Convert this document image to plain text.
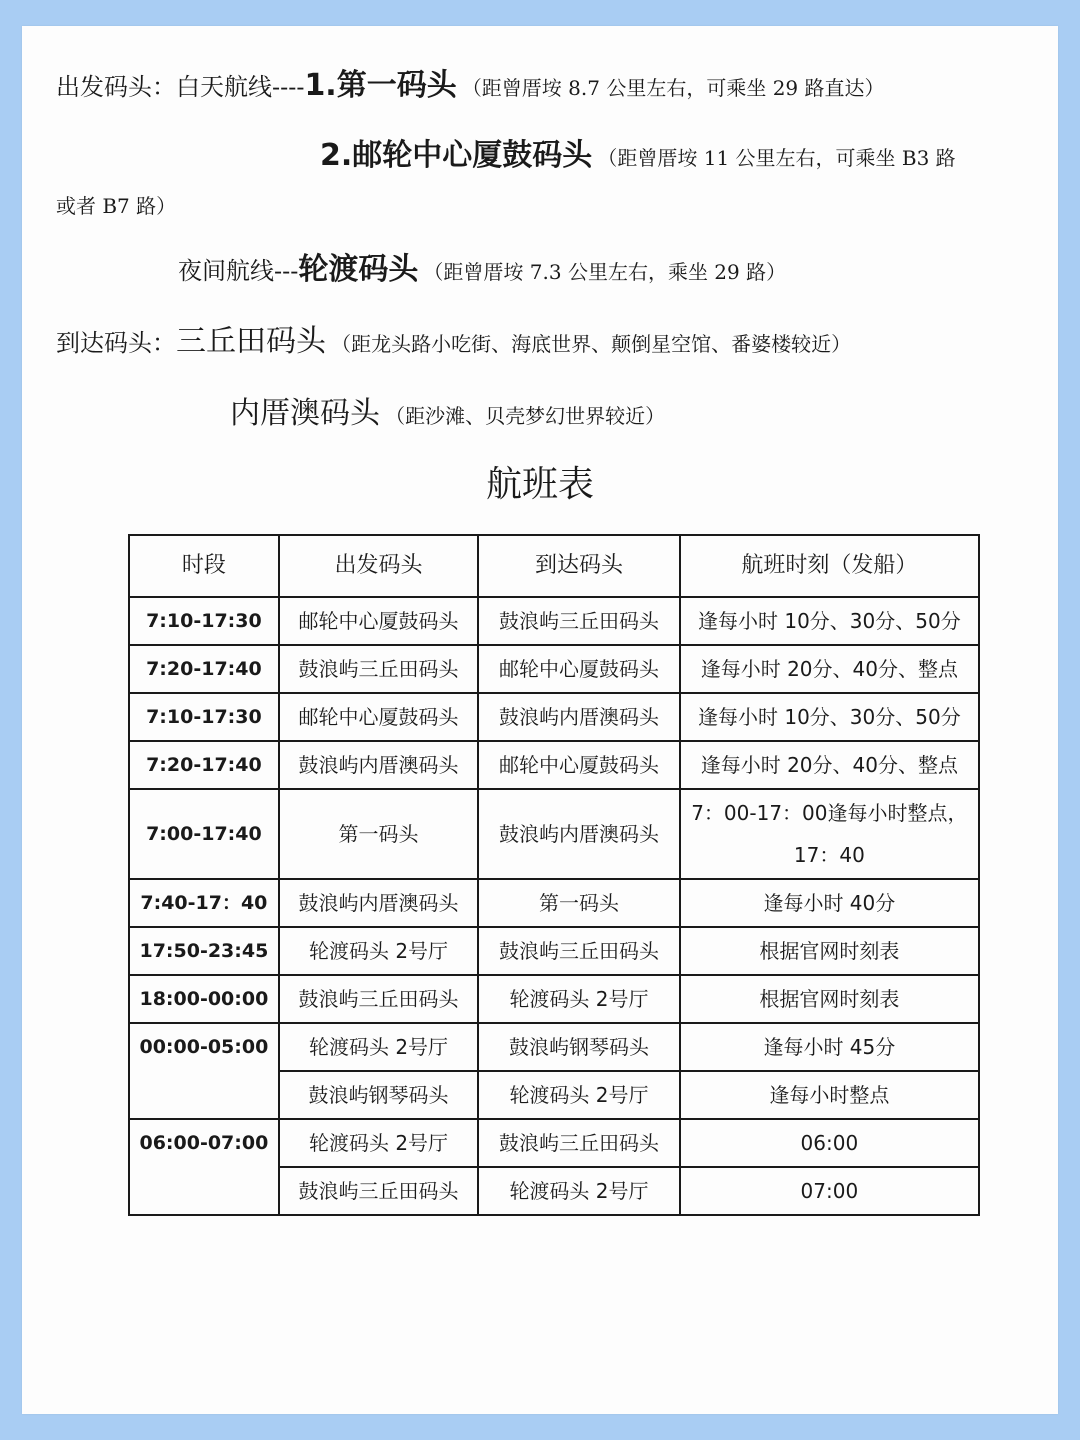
出发码头：白天航线----1.第一码头 （距曾厝垵 8.7 公里左右，可乘坐 29 路直达）
2.邮轮中心厦鼓码头 （距曾厝垵 11 公里左右，可乘坐 B3 路
或者 B7 路）
夜间航线---轮渡码头 （距曾厝垵 7.3 公里左右，乘坐 29 路）
到达码头：三丘田码头 （距龙头路小吃街、海底世界、颠倒星空馆、番婆楼较近）
内厝澳码头 （距沙滩、贝壳梦幻世界较近）
航班表
时段	出发码头	到达码头	航班时刻（发船）
7:10-17:30	邮轮中心厦鼓码头	鼓浪屿三丘田码头	逢每小时 10分、30分、50分
7:20-17:40	鼓浪屿三丘田码头	邮轮中心厦鼓码头	逢每小时 20分、40分、整点
7:10-17:30	邮轮中心厦鼓码头	鼓浪屿内厝澳码头	逢每小时 10分、30分、50分
7:20-17:40	鼓浪屿内厝澳码头	邮轮中心厦鼓码头	逢每小时 20分、40分、整点
7:00-17:40	第一码头	鼓浪屿内厝澳码头	7：00-17：00逢每小时整点，17：40
7:40-17：40	鼓浪屿内厝澳码头	第一码头	逢每小时 40分
17:50-23:45	轮渡码头 2号厅	鼓浪屿三丘田码头	根据官网时刻表
18:00-00:00	鼓浪屿三丘田码头	轮渡码头 2号厅	根据官网时刻表
00:00-05:00	轮渡码头 2号厅	鼓浪屿钢琴码头	逢每小时 45分
	鼓浪屿钢琴码头	轮渡码头 2号厅	逢每小时整点
06:00-07:00	轮渡码头 2号厅	鼓浪屿三丘田码头	06:00
	鼓浪屿三丘田码头	轮渡码头 2号厅	07:00
